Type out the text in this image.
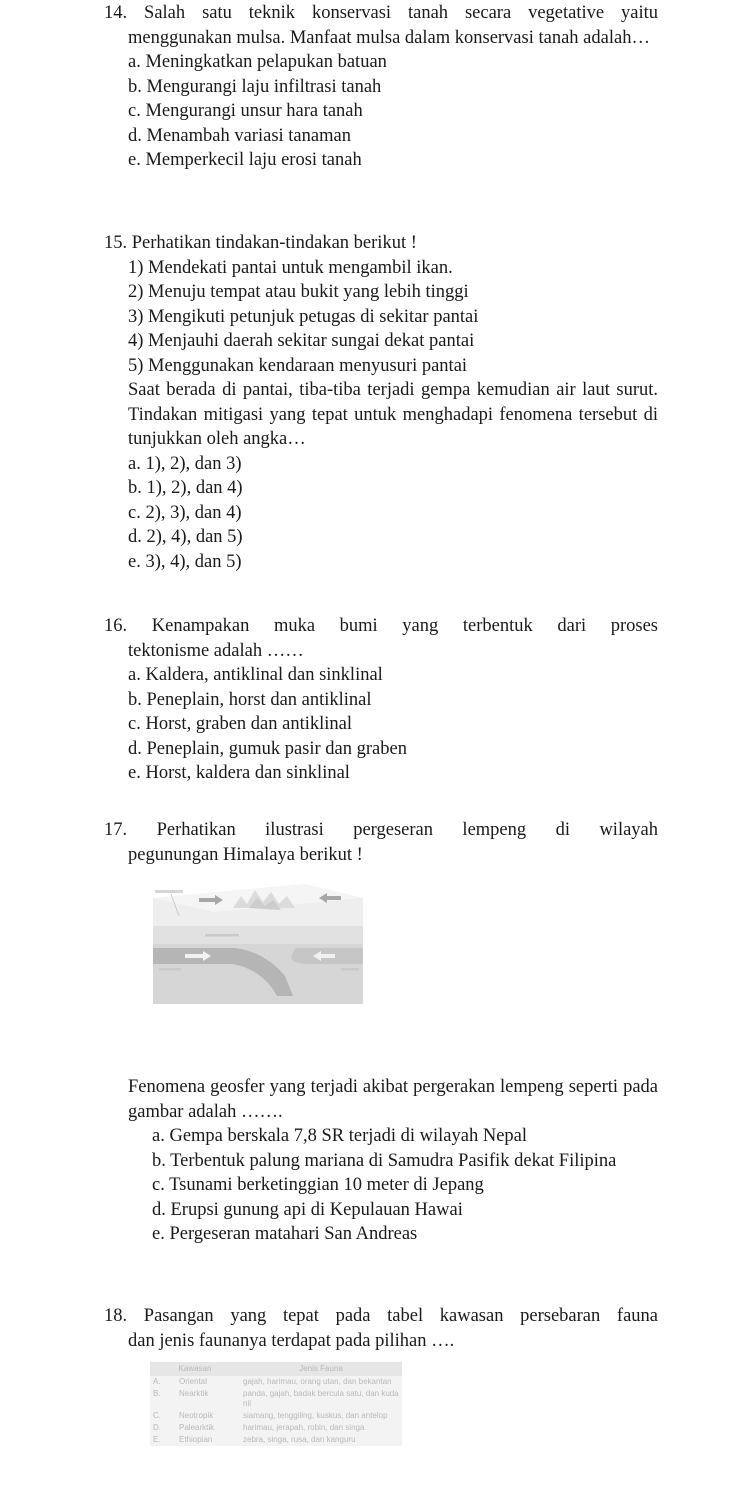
14. Salah satu teknik konservasi tanah secara vegetative yaitu
menggunakan mulsa. Manfaat mulsa dalam konservasi tanah adalah…
a. Meningkatkan pelapukan batuan
b. Mengurangi laju infiltrasi tanah
c. Mengurangi unsur hara tanah
d. Menambah variasi tanaman
e. Memperkecil laju erosi tanah
15. Perhatikan tindakan-tindakan berikut !
1) Mendekati pantai untuk mengambil ikan.
2) Menuju tempat atau bukit yang lebih tinggi
3) Mengikuti petunjuk petugas di sekitar pantai
4) Menjauhi daerah sekitar sungai dekat pantai
5) Menggunakan kendaraan menyusuri pantai
Saat berada di pantai, tiba-tiba terjadi gempa kemudian air laut surut. Tindakan mitigasi yang tepat untuk menghadapi fenomena tersebut di tunjukkan oleh angka…
a. 1), 2), dan 3)
b. 1), 2), dan 4)
c. 2), 3), dan 4)
d. 2), 4), dan 5)
e. 3), 4), dan 5)
16. Kenampakan muka bumi yang terbentuk dari proses
tektonisme adalah ……
a. Kaldera, antiklinal dan sinklinal
b. Peneplain, horst dan antiklinal
c. Horst, graben dan antiklinal
d. Peneplain, gumuk pasir dan graben
e. Horst, kaldera dan sinklinal
17. Perhatikan ilustrasi pergeseran lempeng di wilayah
pegunungan Himalaya berikut !
Fenomena geosfer yang terjadi akibat pergerakan lempeng seperti pada gambar adalah …….
a. Gempa berskala 7,8 SR terjadi di wilayah Nepal
b. Terbentuk palung mariana di Samudra Pasifik dekat Filipina
c. Tsunami berketinggian 10 meter di Jepang
d. Erupsi gunung api di Kepulauan Hawai
e. Pergeseran matahari San Andreas
18. Pasangan yang tepat pada tabel kawasan persebaran fauna
dan jenis faunanya terdapat pada pilihan ….
Kawasan		Jenis Fauna
A.	Oriental	gajah, harimau, orang utan, dan bekantan
B.	Nearktik	panda, gajah, badak bercula satu, dan kuda nil
C.	Neotropik	siamang, tenggiling, kuskus, dan antelop
D.	Palearktik	harimau, jerapah, robin, dan singa
E.	Ethiopian	zebra, singa, rusa, dan kanguru
